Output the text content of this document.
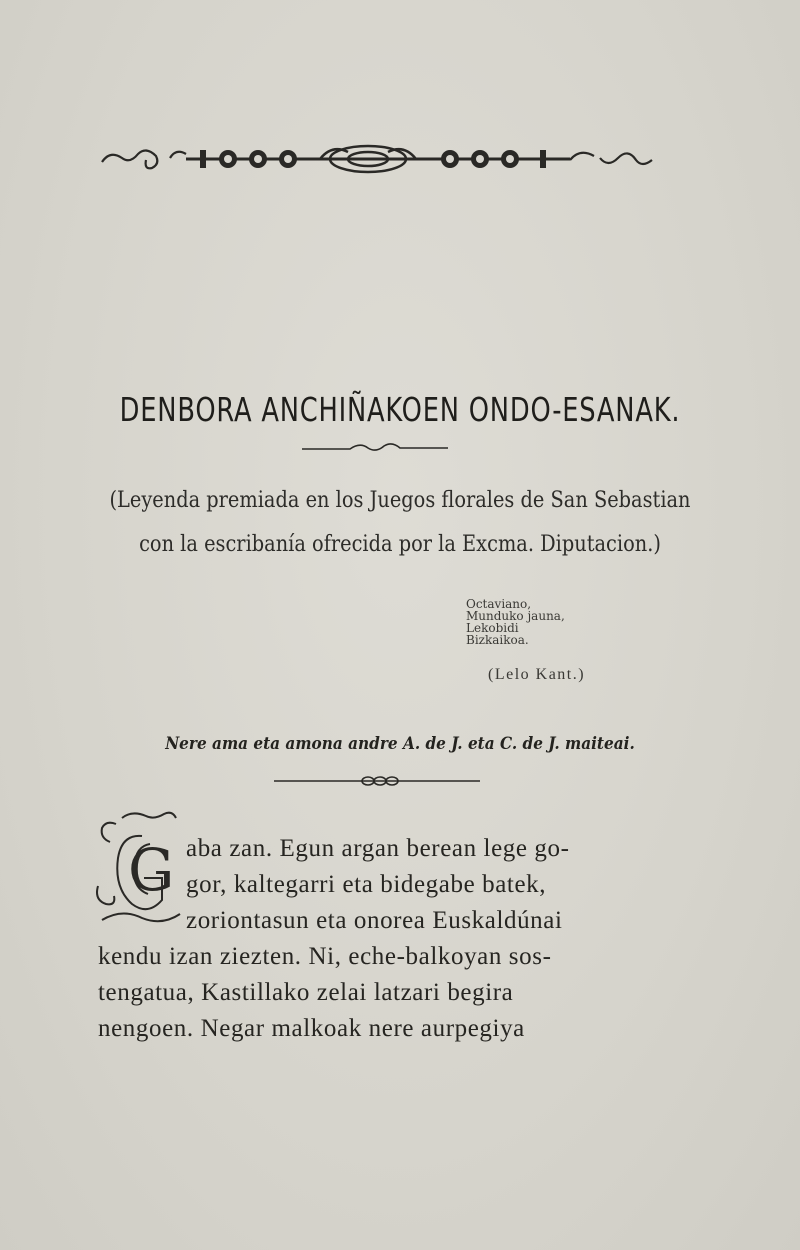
DENBORA ANCHIÑAKOEN ONDO-ESANAK.
(Leyenda premiada en los Juegos florales de San Sebastian
con la escribanía ofrecida por la Excma. Diputacion.)
Octaviano,
Munduko jauna,
Lekobidi
Bizkaikoa.
(Lelo Kant.)
Nere ama eta amona andre A. de J. eta C. de J. maiteai.
G aba zan. Egun argan berean lege go-
gor, kaltegarri eta bidegabe batek,
zoriontasun eta onorea Euskaldúnai
kendu izan ziezten. Ni, eche-balkoyan sos-
tengatua, Kastillako zelai latzari begira
nengoen. Negar malkoak nere aurpegiya
